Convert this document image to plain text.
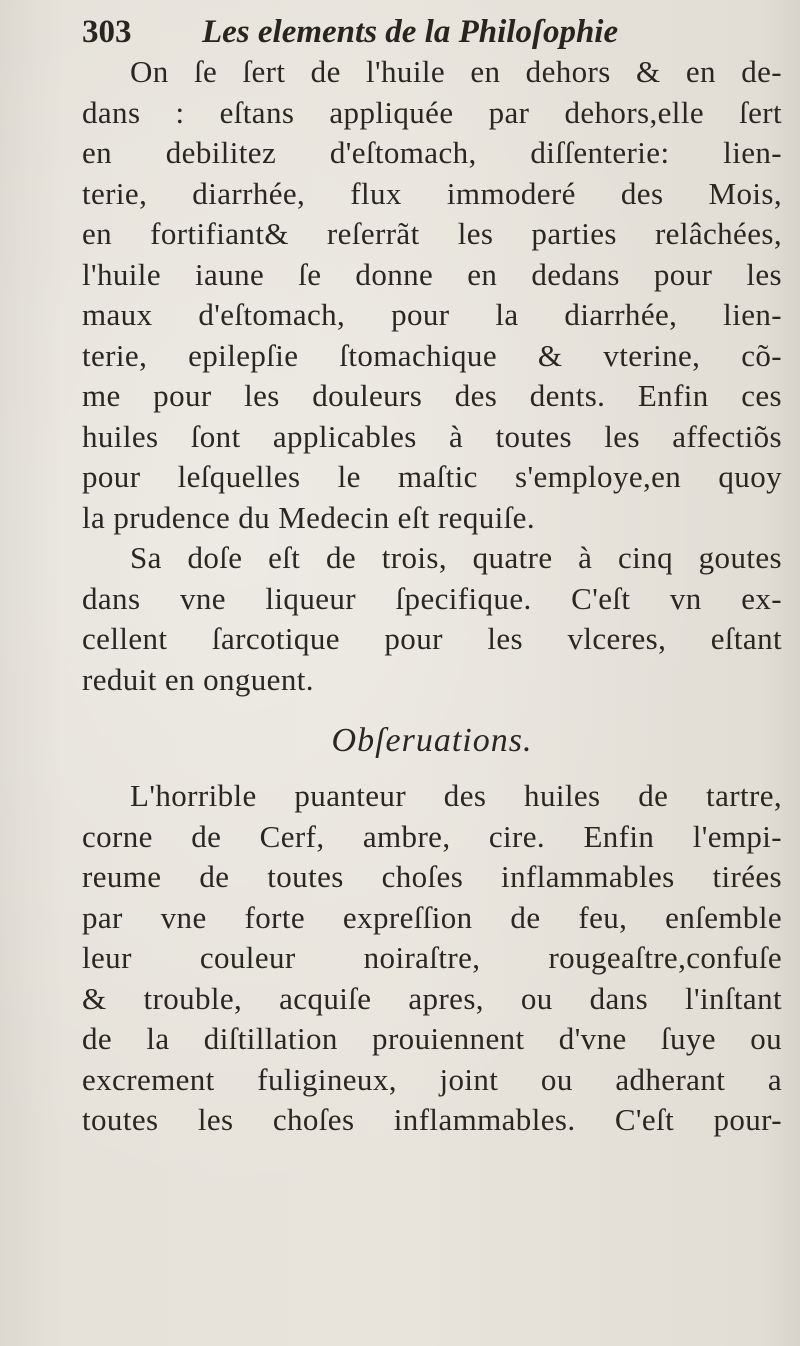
303 Les elements de la Philoſophie
On ſe ſert de l'huile en dehors & en de-
dans : eſtans appliquée par dehors,elle ſert
en debilitez d'eſtomach, diſſenterie: lien-
terie, diarrhée, flux immoderé des Mois,
en fortifiant& reſerrãt les parties relâchées,
l'huile iaune ſe donne en dedans pour les
maux d'eſtomach, pour la diarrhée, lien-
terie, epilepſie ſtomachique & vterine, cõ-
me pour les douleurs des dents. Enfin ces
huiles ſont applicables à toutes les affectiõs
pour leſquelles le maſtic s'employe,en quoy
la prudence du Medecin eſt requiſe.
Sa doſe eſt de trois, quatre à cinq goutes
dans vne liqueur ſpecifique. C'eſt vn ex-
cellent ſarcotique pour les vlceres, eſtant
reduit en onguent.
Obſeruations.
L'horrible puanteur des huiles de tartre,
corne de Cerf, ambre, cire. Enfin l'empi-
reume de toutes choſes inflammables tirées
par vne forte expreſſion de feu, enſemble
leur couleur noiraſtre, rougeaſtre,confuſe
& trouble, acquiſe apres, ou dans l'inſtant
de la diſtillation prouiennent d'vne ſuye ou
excrement fuligineux, joint ou adherant a
toutes les choſes inflammables. C'eſt pour-
